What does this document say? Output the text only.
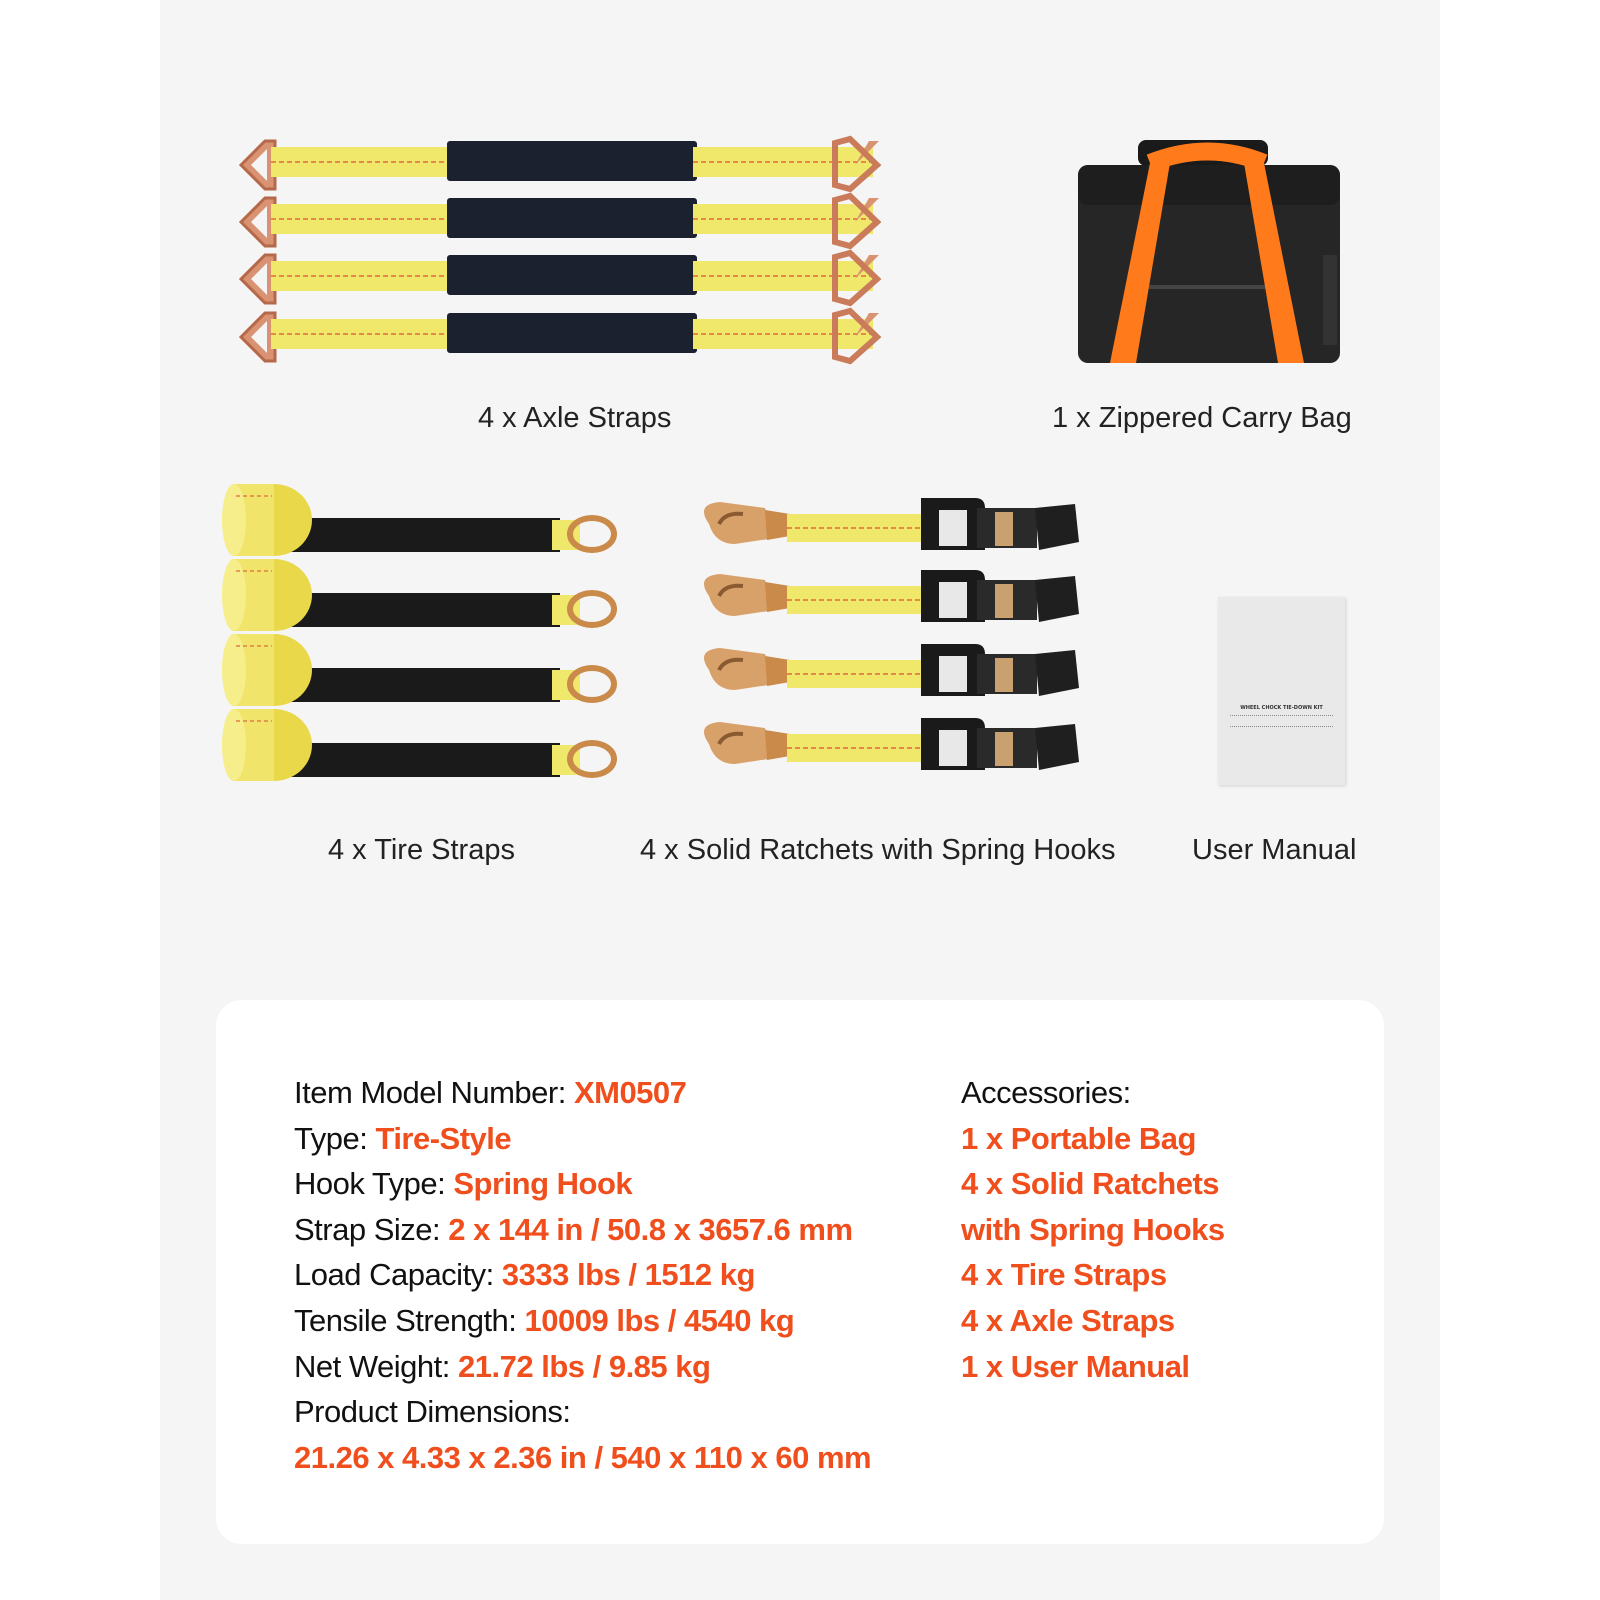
WHEEL CHOCK TIE-DOWN KIT
4 x Axle Straps	1 x Zippered Carry Bag
4 x Tire Straps	4 x Solid Ratchets with Spring Hooks	User Manual
Item Model Number: XM0507
Type: Tire-Style
Hook Type: Spring Hook
Strap Size: 2 x 144 in / 50.8 x 3657.6 mm
Load Capacity: 3333 lbs / 1512 kg
Tensile Strength: 10009 lbs / 4540 kg
Net Weight: 21.72 lbs / 9.85 kg
Product Dimensions:
21.26 x 4.33 x 2.36 in / 540 x 110 x 60 mm
Accessories:
1 x Portable Bag
4 x Solid Ratchets
with Spring Hooks
4 x Tire Straps
4 x Axle Straps
1 x User Manual
